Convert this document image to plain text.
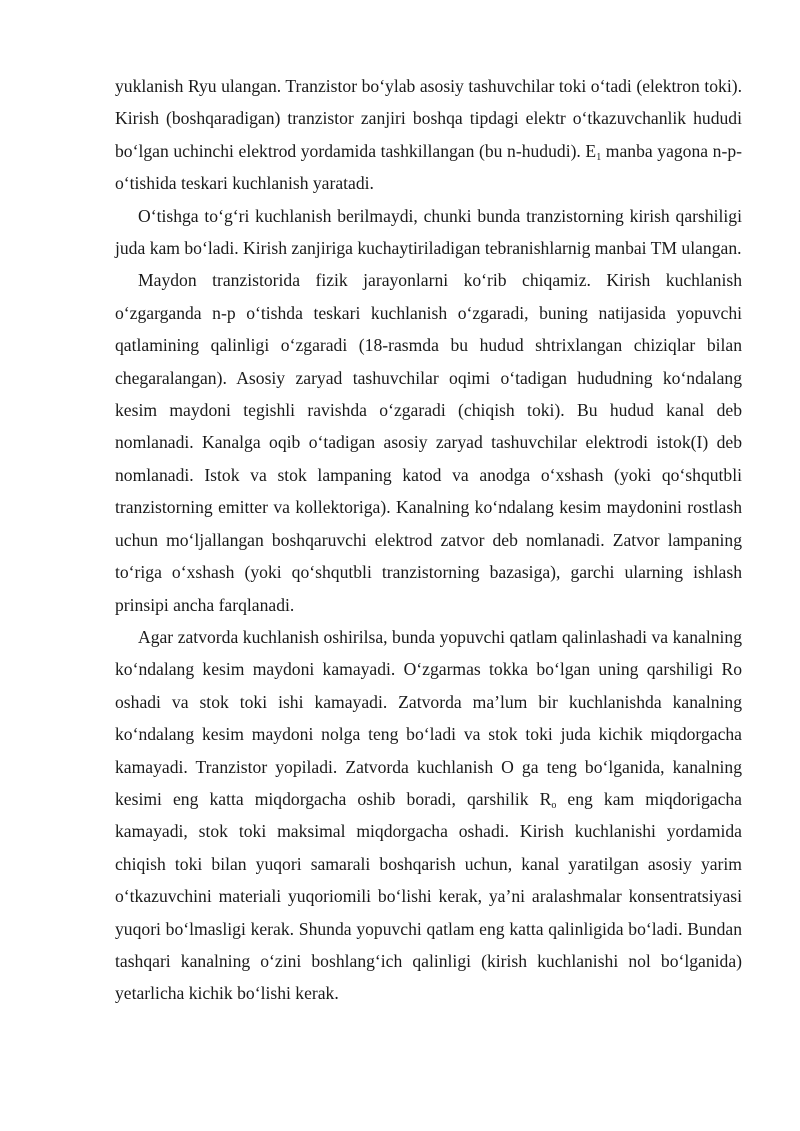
yuklanish Ryu ulangan. Tranzistor bo‘ylab asosiy tashuvchilar toki o‘tadi (elektron toki). Kirish (boshqaradigan) tranzistor zanjiri boshqa tipdagi elektr o‘tkazuvchanlik hududi bo‘lgan uchinchi elektrod yordamida tashkillangan (bu n-hududi). $E_1$ manba yagona n-p-o‘tishida teskari kuchlanish yaratadi.

O‘tishga to‘g‘ri kuchlanish berilmaydi, chunki bunda tranzistorning kirish qarshiligi juda kam bo‘ladi. Kirish zanjiriga kuchaytiriladigan tebranishlarnig manbai TM ulangan.

Maydon tranzistorida fizik jarayonlarni ko‘rib chiqamiz. Kirish kuchlanish o‘zgarganda n-p o‘tishda teskari kuchlanish o‘zgaradi, buning natijasida yopuvchi qatlamining qalinligi o‘zgaradi (18-rasmda bu hudud shtrixlangan chiziqlar bilan chegaralangan). Asosiy zaryad tashuvchilar oqimi o‘tadigan hududning ko‘ndalang kesim maydoni tegishli ravishda o‘zgaradi (chiqish toki). Bu hudud kanal deb nomlanadi. Kanalga oqib o‘tadigan asosiy zaryad tashuvchilar elektrodi istok(I) deb nomlanadi. Istok va stok lampaning katod va anodga o‘xshash (yoki qo‘shqutbli tranzistorning emitter va kollektoriga). Kanalning ko‘ndalang kesim maydonini rostlash uchun mo‘ljallangan boshqaruvchi elektrod zatvor deb nomlanadi. Zatvor lampaning to‘riga o‘xshash (yoki qo‘shqutbli tranzistorning bazasiga), garchi ularning ishlash prinsipi ancha farqlanadi.

Agar zatvorda kuchlanish oshirilsa, bunda yopuvchi qatlam qalinlashadi va kanalning ko‘ndalang kesim maydoni kamayadi. O‘zgarmas tokka bo‘lgan uning qarshiligi Ro oshadi va stok toki ishi kamayadi. Zatvorda ma’lum bir kuchlanishda kanalning ko‘ndalang kesim maydoni nolga teng bo‘ladi va stok toki juda kichik miqdorgacha kamayadi. Tranzistor yopiladi. Zatvorda kuchlanish O ga teng bo‘lganida, kanalning kesimi eng katta miqdorgacha oshib boradi, qarshilik $R_o$ eng kam miqdorigacha kamayadi, stok toki maksimal miqdorgacha oshadi. Kirish kuchlanishi yordamida chiqish toki bilan yuqori samarali boshqarish uchun, kanal yaratilgan asosiy yarim o‘tkazuvchini materiali yuqoriomili bo‘lishi kerak, ya’ni aralashmalar konsentratsiyasi yuqori bo‘lmasligi kerak. Shunda yopuvchi qatlam eng katta qalinligida bo‘ladi. Bundan tashqari kanalning o‘zini boshlang‘ich qalinligi (kirish kuchlanishi nol bo‘lganida) yetarlicha kichik bo‘lishi kerak.
